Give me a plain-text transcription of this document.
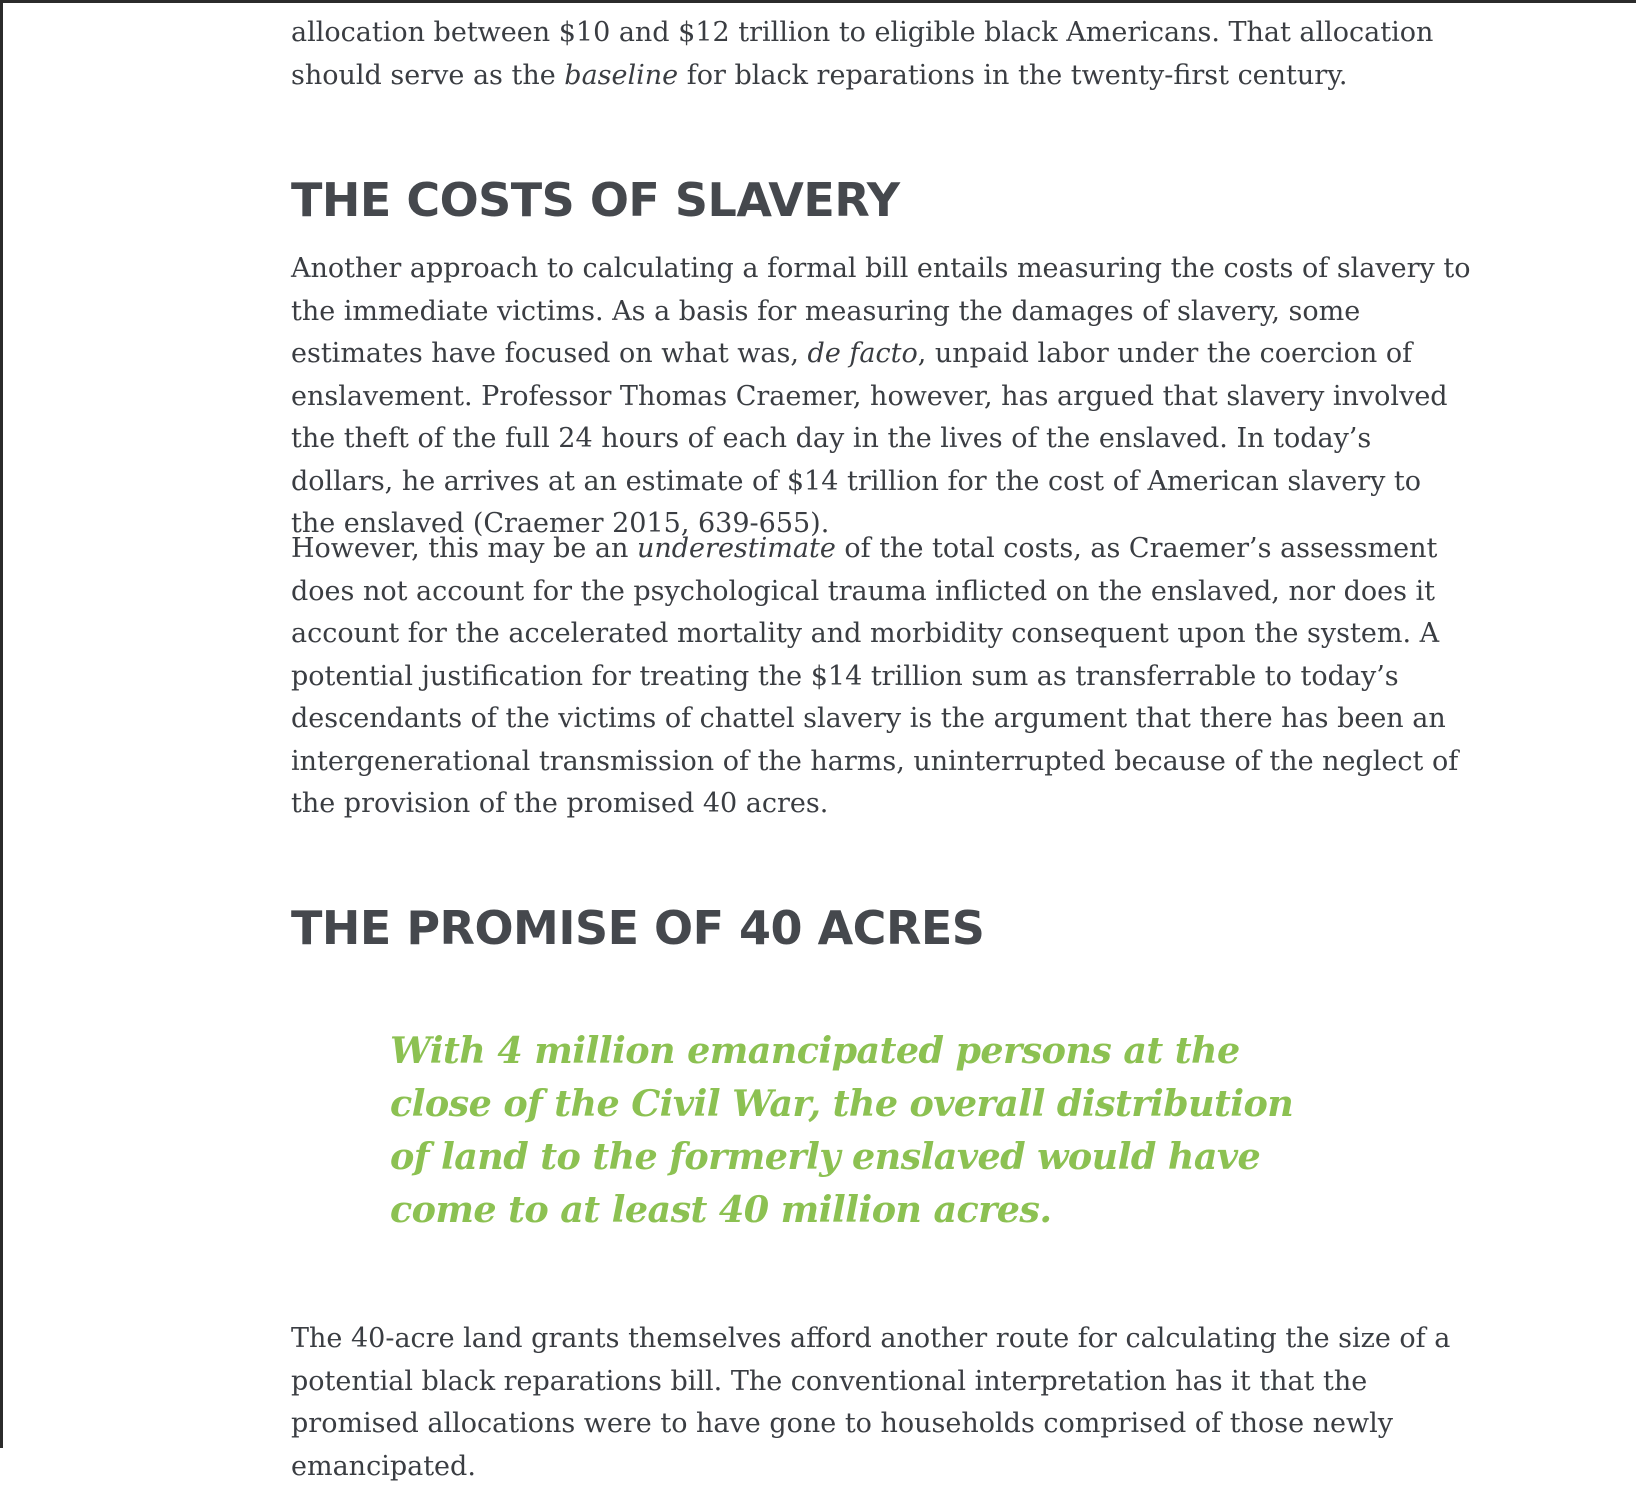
allocation between $10 and $12 trillion to eligible black Americans. That allocation should serve as the baseline for black reparations in the twenty-first century.

THE COSTS OF SLAVERY

Another approach to calculating a formal bill entails measuring the costs of slavery to the immediate victims. As a basis for measuring the damages of slavery, some estimates have focused on what was, de facto, unpaid labor under the coercion of enslavement. Professor Thomas Craemer, however, has argued that slavery involved the theft of the full 24 hours of each day in the lives of the enslaved. In today’s dollars, he arrives at an estimate of $14 trillion for the cost of American slavery to the enslaved (Craemer 2015, 639-655).

However, this may be an underestimate of the total costs, as Craemer’s assessment does not account for the psychological trauma inflicted on the enslaved, nor does it account for the accelerated mortality and morbidity consequent upon the system. A potential justification for treating the $14 trillion sum as transferrable to today’s descendants of the victims of chattel slavery is the argument that there has been an intergenerational transmission of the harms, uninterrupted because of the neglect of the provision of the promised 40 acres.

THE PROMISE OF 40 ACRES
With 4 million emancipated persons at the close of the Civil War, the overall distribution of land to the formerly enslaved would have come to at least 40 million acres.

The 40-acre land grants themselves afford another route for calculating the size of a potential black reparations bill. The conventional interpretation has it that the promised allocations were to have gone to households comprised of those newly emancipated.
